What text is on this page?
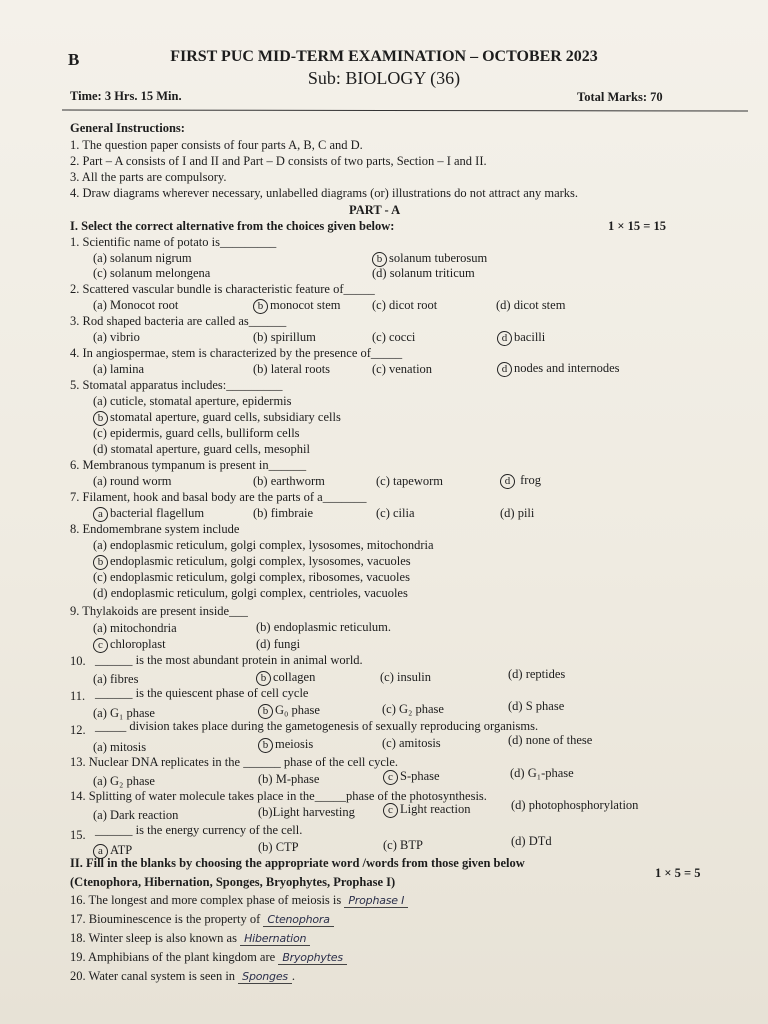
B	FIRST PUC MID-TERM EXAMINATION – OCTOBER 2023
Sub: BIOLOGY (36)
Time: 3 Hrs. 15 Min.	Total Marks: 70
General Instructions:
1. The question paper consists of four parts A, B, C and D.
2. Part – A consists of I and II and Part – D consists of two parts, Section – I and II.
3. All the parts are compulsory.
4. Draw diagrams wherever necessary, unlabelled diagrams (or) illustrations do not attract any marks.
PART - A
I. Select the correct alternative from the choices given below:	1 × 15 = 15
1. Scientific name of potato is_________
(a) solanum nigrum	b solanum tuberosum
(c) solanum melongena	(d) solanum triticum
2. Scattered vascular bundle is characteristic feature of_____
(a) Monocot root	b monocot stem	(c) dicot root	(d) dicot stem
3. Rod shaped bacteria are called as______
(a) vibrio	(b) spirillum	(c) cocci	d bacilli
4. In angiospermae, stem is characterized by the presence of_____
(a) lamina	(b) lateral roots	(c) venation	d nodes and internodes
5. Stomatal apparatus includes:_________
(a) cuticle, stomatal aperture, epidermis
b stomatal aperture, guard cells, subsidiary cells
(c) epidermis, guard cells, bulliform cells
(d) stomatal aperture, guard cells, mesophil
6. Membranous tympanum is present in______
(a) round worm	(b) earthworm	(c) tapeworm	d frog
7. Filament, hook and basal body are the parts of a_______
a bacterial flagellum	(b) fimbraie	(c) cilia	(d) pili
8. Endomembrane system include
(a) endoplasmic reticulum, golgi complex, lysosomes, mitochondria
b endoplasmic reticulum, golgi complex, lysosomes, vacuoles
(c) endoplasmic reticulum, golgi complex, ribosomes, vacuoles
(d) endoplasmic reticulum, golgi complex, centrioles, vacuoles
9. Thylakoids are present inside___
(a) mitochondria	(b) endoplasmic reticulum.
c chloroplast	(d) fungi
10. ______ is the most abundant protein in animal world.
(a) fibres	b collagen	(c) insulin	(d) reptides
11. ______ is the quiescent phase of cell cycle
(a) G₁ phase	b G₀ phase	(c) G₂ phase	(d) S phase
12. _____ division takes place during the gametogenesis of sexually reproducing organisms.
(a) mitosis	b meiosis	(c) amitosis	(d) none of these
13. Nuclear DNA replicates in the ______ phase of the cell cycle.
(a) G₂ phase	(b) M-phase	c S-phase	(d) G₁-phase
14. Splitting of water molecule takes place in the_____phase of the photosynthesis.
(a) Dark reaction	(b)Light harvesting	c Light reaction	(d) photophosphorylation
15. ______ is the energy currency of the cell.
a ATP	(b) CTP	(c) BTP	(d) DTd
II. Fill in the blanks by choosing the appropriate word /words from those given below
(Ctenophora, Hibernation, Sponges, Bryophytes, Prophase I)
1 × 5 = 5
16. The longest and more complex phase of meiosis is Prophase I
17. Biouminescence is the property of Ctenophora
18. Winter sleep is also known as Hibernation
19. Amphibians of the plant kingdom are Bryophytes
20. Water canal system is seen in Sponges .
